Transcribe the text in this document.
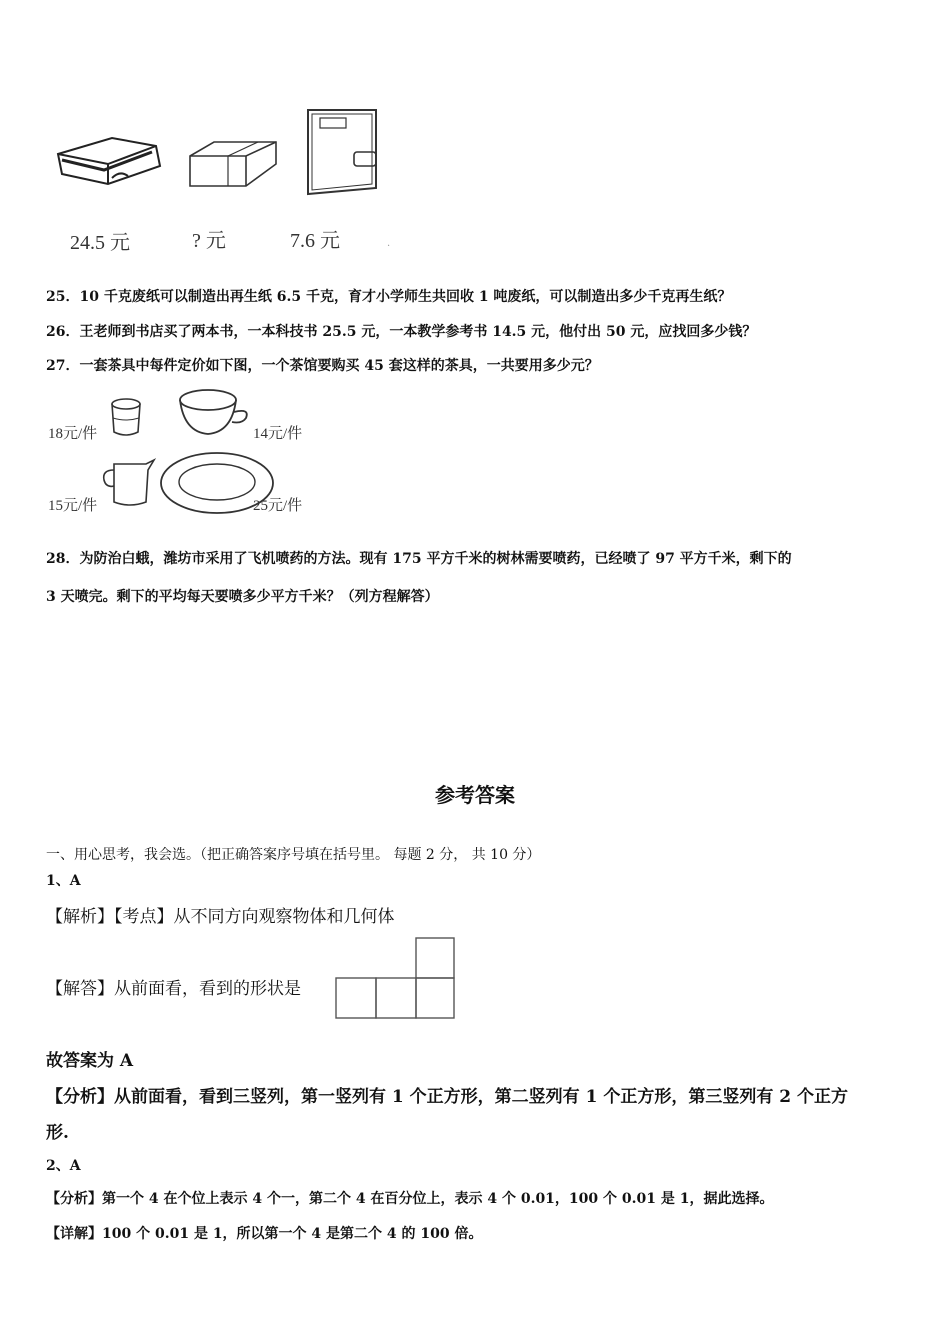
24.5 元	? 元	7.6 元	.
25．10 千克废纸可以制造出再生纸 6.5 千克，育才小学师生共回收 1 吨废纸，可以制造出多少千克再生纸？
26．王老师到书店买了两本书，一本科技书 25.5 元，一本教学参考书 14.5 元，他付出 50 元，应找回多少钱？
27．一套茶具中每件定价如下图，一个茶馆要购买 45 套这样的茶具，一共要用多少元？
18元/件	14元/件
15元/件	25元/件
28．为防治白蛾，潍坊市采用了飞机喷药的方法。现有 175 平方千米的树林需要喷药，已经喷了 97 平方千米，剩下的
3 天喷完。剩下的平均每天要喷多少平方千米？（列方程解答）
参考答案
一、用心思考，我会选。（把正确答案序号填在括号里。 每题 2 分， 共 10 分）
1、A
【解析】【考点】从不同方向观察物体和几何体
【解答】从前面看，看到的形状是
故答案为 A
【分析】从前面看，看到三竖列，第一竖列有 1 个正方形，第二竖列有 1 个正方形，第三竖列有 2 个正方
形.
2、A
【分析】第一个 4 在个位上表示 4 个一，第二个 4 在百分位上，表示 4 个 0.01，100 个 0.01 是 1，据此选择。
【详解】100 个 0.01 是 1，所以第一个 4 是第二个 4 的 100 倍。
